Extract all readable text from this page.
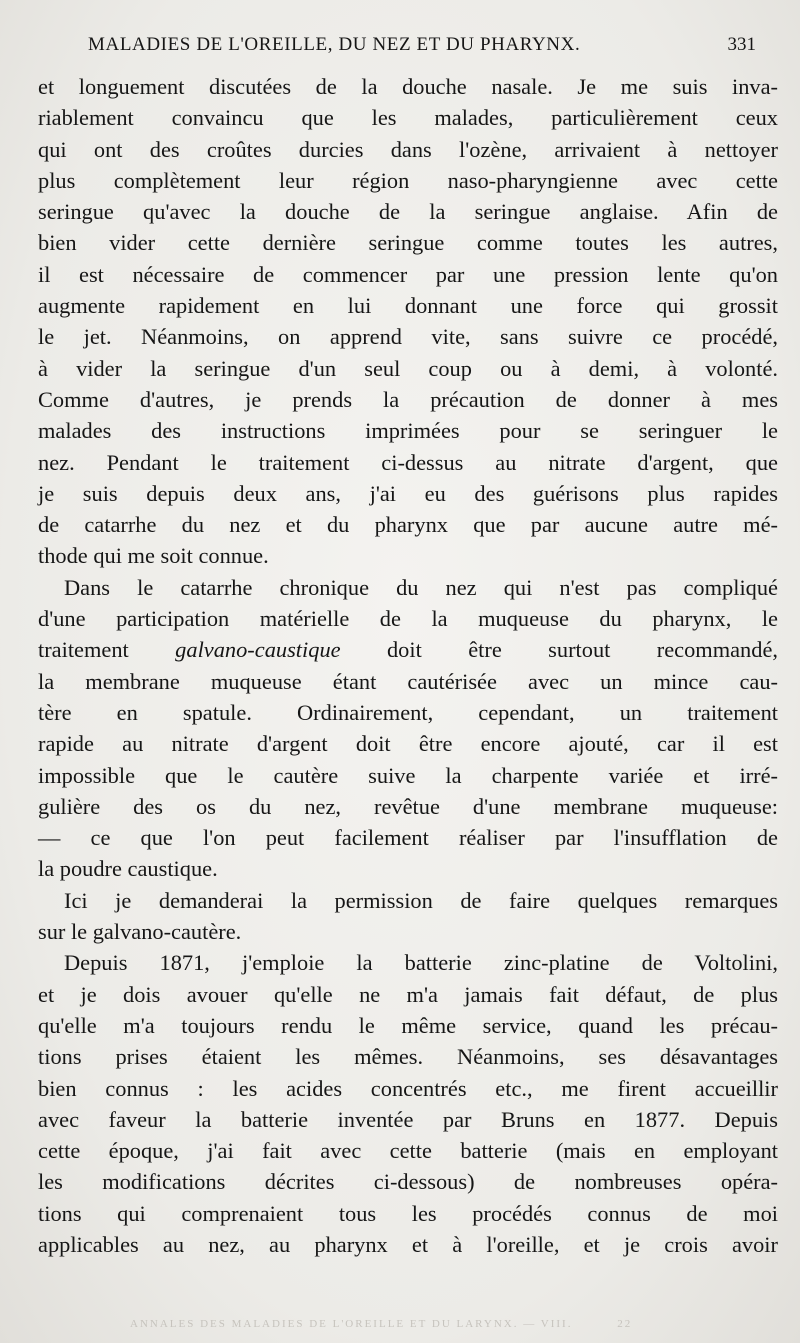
MALADIES DE L'OREILLE, DU NEZ ET DU PHARYNX.	331
et longuement discutées de la douche nasale. Je me suis inva-
riablement convaincu que les malades, particulièrement ceux
qui ont des croûtes durcies dans l'ozène, arrivaient à nettoyer
plus complètement leur région naso-pharyngienne avec cette
seringue qu'avec la douche de la seringue anglaise. Afin de
bien vider cette dernière seringue comme toutes les autres,
il est nécessaire de commencer par une pression lente qu'on
augmente rapidement en lui donnant une force qui grossit
le jet. Néanmoins, on apprend vite, sans suivre ce procédé,
à vider la seringue d'un seul coup ou à demi, à volonté.
Comme d'autres, je prends la précaution de donner à mes
malades des instructions imprimées pour se seringuer le
nez. Pendant le traitement ci-dessus au nitrate d'argent, que
je suis depuis deux ans, j'ai eu des guérisons plus rapides
de catarrhe du nez et du pharynx que par aucune autre mé-
thode qui me soit connue.
Dans le catarrhe chronique du nez qui n'est pas compliqué
d'une participation matérielle de la muqueuse du pharynx, le
traitement galvano-caustique doit être surtout recommandé,
la membrane muqueuse étant cautérisée avec un mince cau-
tère en spatule. Ordinairement, cependant, un traitement
rapide au nitrate d'argent doit être encore ajouté, car il est
impossible que le cautère suive la charpente variée et irré-
gulière des os du nez, revêtue d'une membrane muqueuse:
— ce que l'on peut facilement réaliser par l'insufflation de
la poudre caustique.
Ici je demanderai la permission de faire quelques remarques
sur le galvano-cautère.
Depuis 1871, j'emploie la batterie zinc-platine de Voltolini,
et je dois avouer qu'elle ne m'a jamais fait défaut, de plus
qu'elle m'a toujours rendu le même service, quand les précau-
tions prises étaient les mêmes. Néanmoins, ses désavantages
bien connus : les acides concentrés etc., me firent accueillir
avec faveur la batterie inventée par Bruns en 1877. Depuis
cette époque, j'ai fait avec cette batterie (mais en employant
les modifications décrites ci-dessous) de nombreuses opéra-
tions qui comprenaient tous les procédés connus de moi
applicables au nez, au pharynx et à l'oreille, et je crois avoir
ANNALES DES MALADIES DE L'OREILLE ET DU LARYNX. — VIII.	22
